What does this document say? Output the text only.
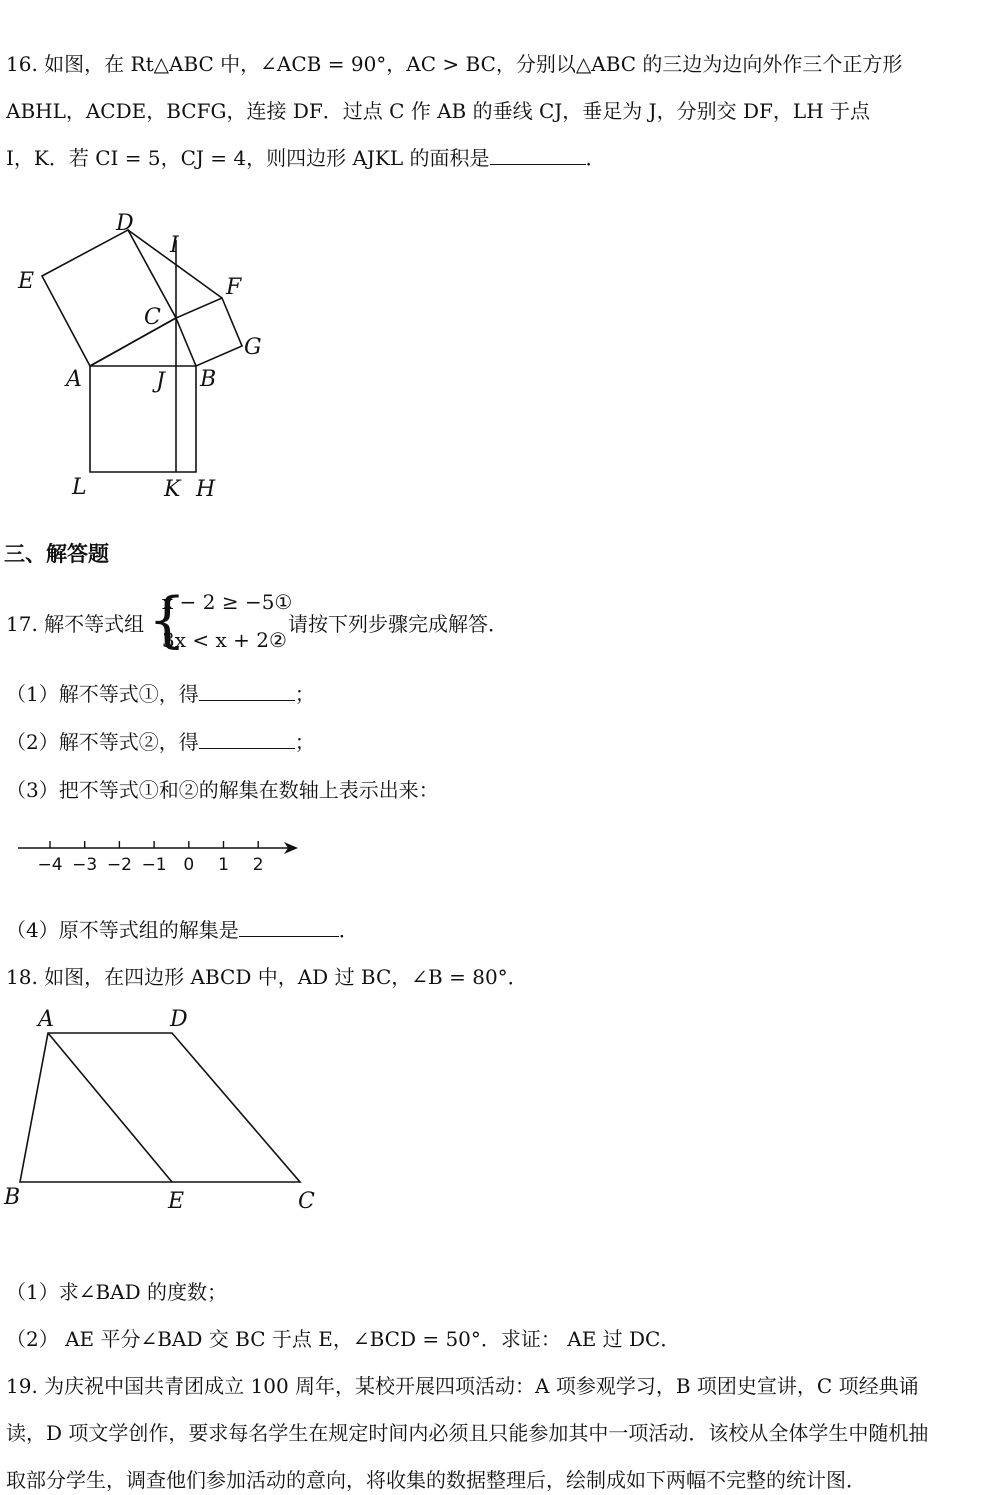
16. 如图，在 Rt△ABC 中，∠ACB = 90°，AC > BC，分别以△ABC 的三边为边向外作三个正方形
ABHL，ACDE，BCFG，连接 DF．过点 C 作 AB 的垂线 CJ，垂足为 J，分别交 DF，LH 于点
I，K．若 CI = 5，CJ = 4，则四边形 AJKL 的面积是	．
D
I
E	F
C
G
A	J B
L	K H
三、解答题
17. 解不等式组 {
x − 2 ≥ −5①
3x < x + 2②
请按下列步骤完成解答．
（1）解不等式①，得	；
（2）解不等式②，得	；
（3）把不等式①和②的解集在数轴上表示出来：
−4 −3 −2 −1 0 1 2
（4）原不等式组的解集是	．
18. 如图，在四边形 ABCD 中，AD 过 BC，∠B = 80°．
A	D
B	E	C
（1）求∠BAD 的度数；
（2） AE 平分∠BAD 交 BC 于点 E，∠BCD = 50°．求证： AE 过 DC．
19. 为庆祝中国共青团成立 100 周年，某校开展四项活动：A 项参观学习，B 项团史宣讲，C 项经典诵
读，D 项文学创作，要求每名学生在规定时间内必须且只能参加其中一项活动．该校从全体学生中随机抽
取部分学生，调查他们参加活动的意向，将收集的数据整理后，绘制成如下两幅不完整的统计图．
